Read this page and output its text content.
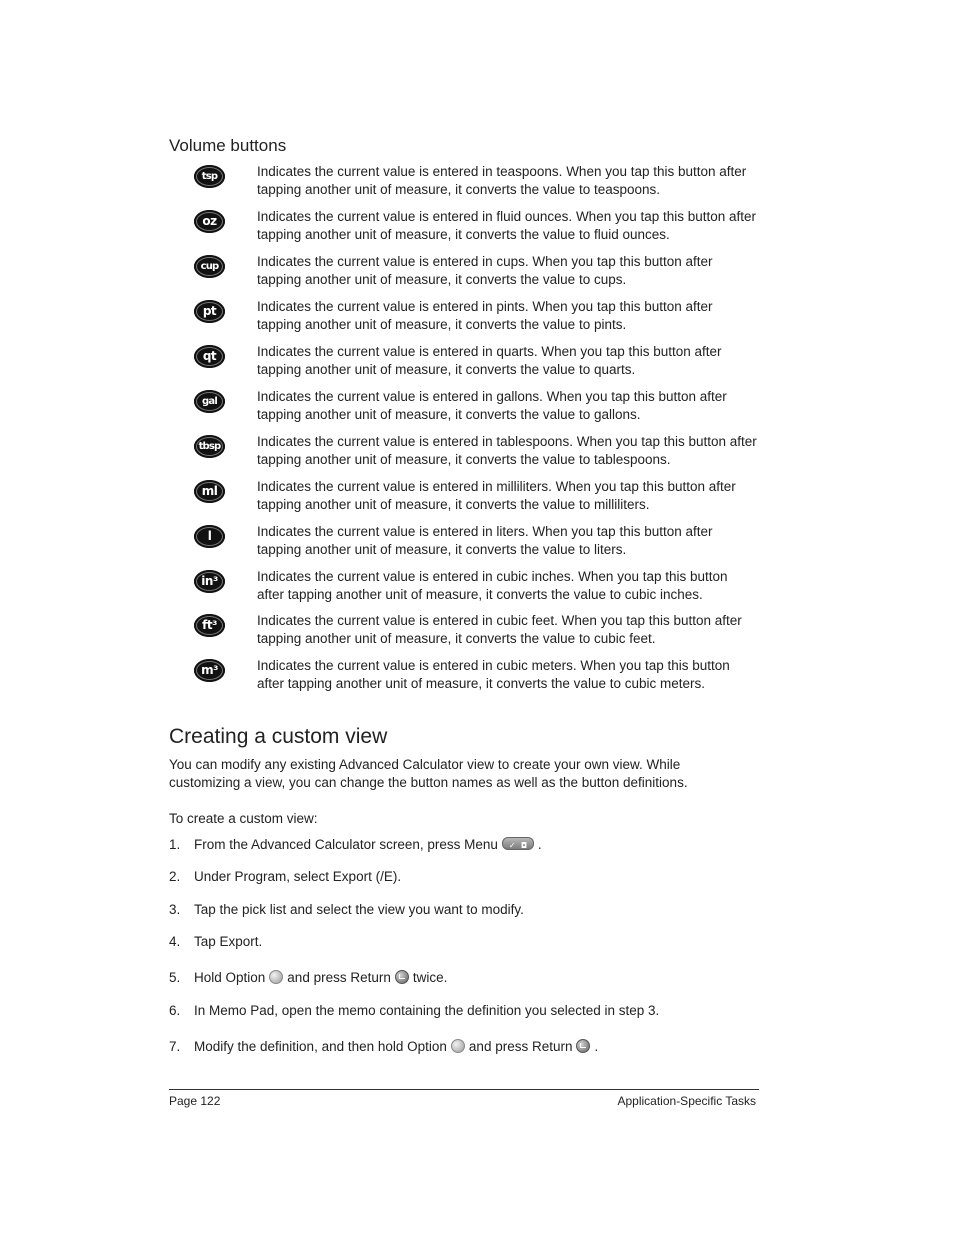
Volume buttons
tsp	Indicates the current value is entered in teaspoons. When you tap this button after tapping another unit of measure, it converts the value to teaspoons.
oz	Indicates the current value is entered in fluid ounces. When you tap this button after tapping another unit of measure, it converts the value to fluid ounces.
cup	Indicates the current value is entered in cups. When you tap this button after tapping another unit of measure, it converts the value to cups.
pt	Indicates the current value is entered in pints. When you tap this button after tapping another unit of measure, it converts the value to pints.
qt	Indicates the current value is entered in quarts. When you tap this button after tapping another unit of measure, it converts the value to quarts.
gal	Indicates the current value is entered in gallons. When you tap this button after tapping another unit of measure, it converts the value to gallons.
tbsp	Indicates the current value is entered in tablespoons. When you tap this button after tapping another unit of measure, it converts the value to tablespoons.
ml	Indicates the current value is entered in milliliters. When you tap this button after tapping another unit of measure, it converts the value to milliliters.
l	Indicates the current value is entered in liters. When you tap this button after tapping another unit of measure, it converts the value to liters.
in³	Indicates the current value is entered in cubic inches. When you tap this button after tapping another unit of measure, it converts the value to cubic inches.
ft³	Indicates the current value is entered in cubic feet. When you tap this button after tapping another unit of measure, it converts the value to cubic feet.
m³	Indicates the current value is entered in cubic meters. When you tap this button after tapping another unit of measure, it converts the value to cubic meters.
Creating a custom view
You can modify any existing Advanced Calculator view to create your own view. While customizing a view, you can change the button names as well as the button definitions.
To create a custom view:
1. From the Advanced Calculator screen, press Menu ✓ ◘ .
2. Under Program, select Export (/E).
3. Tap the pick list and select the view you want to modify.
4. Tap Export.
5. Hold Option and press Return twice.
6. In Memo Pad, open the memo containing the definition you selected in step 3.
7. Modify the definition, and then hold Option and press Return .
Page 122	Application-Specific Tasks
